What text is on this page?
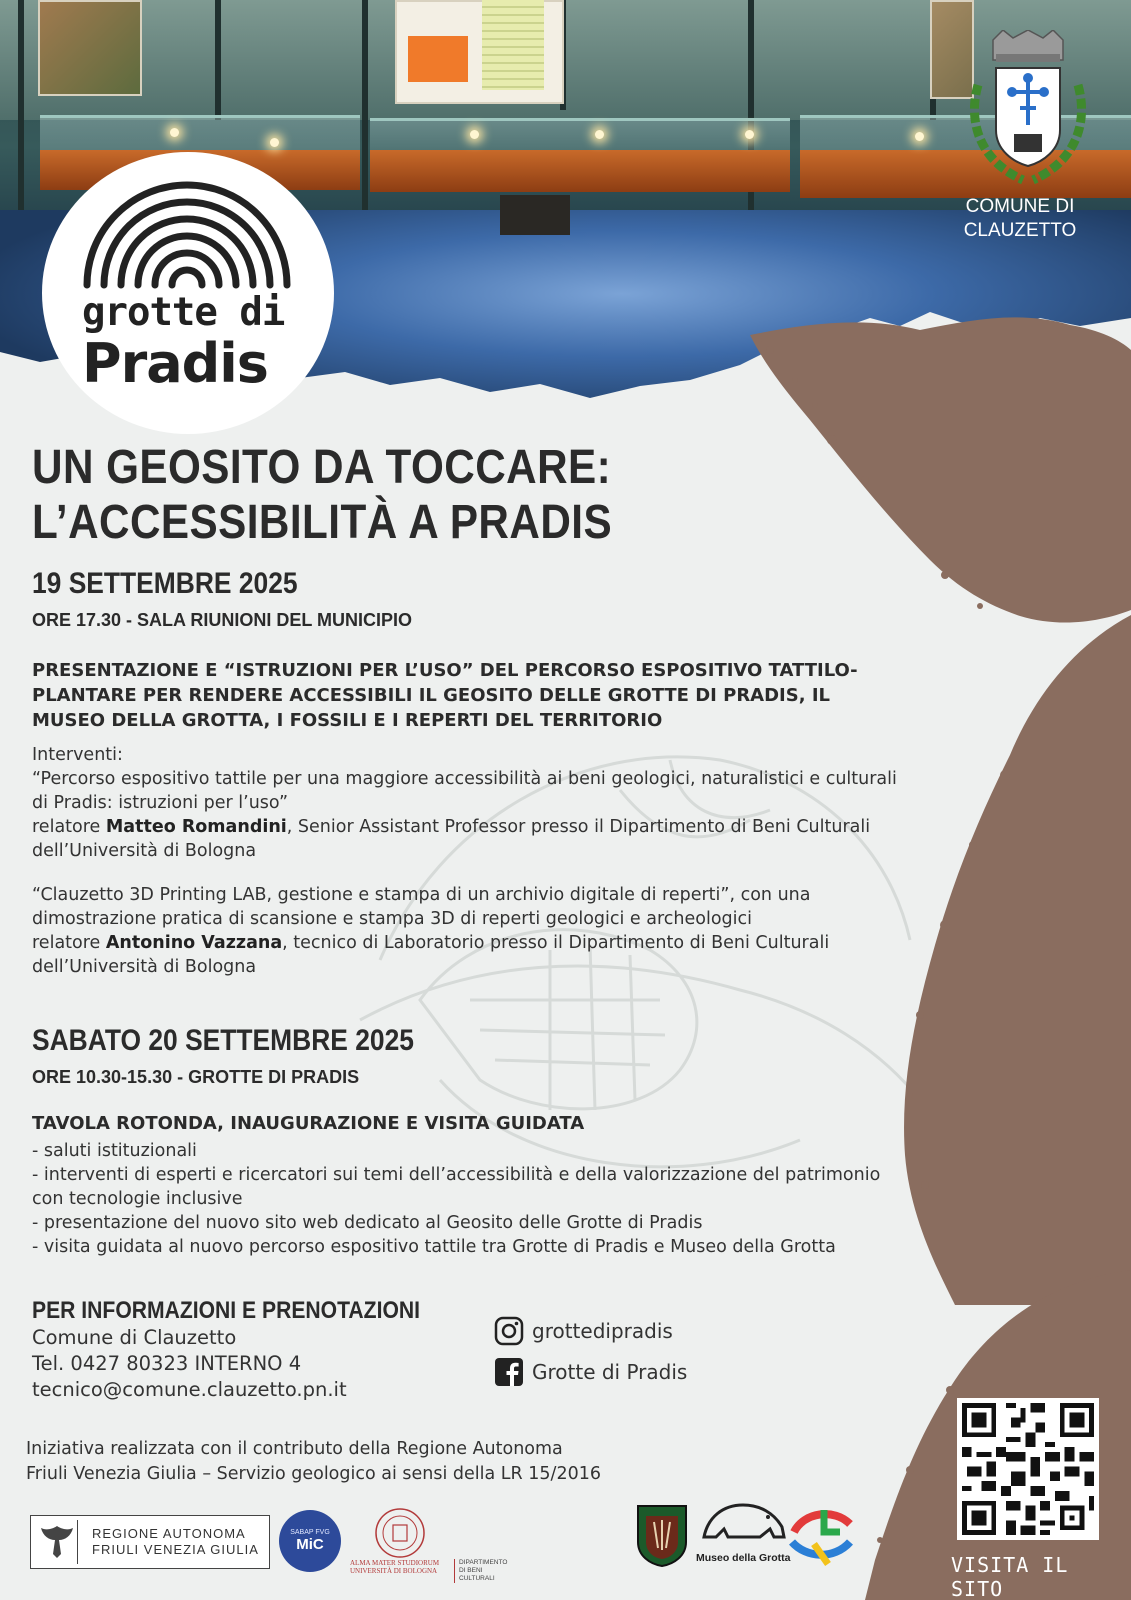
grotte di
Pradis
COMUNE DI
CLAUZETTO
UN GEOSITO DA TOCCARE:
L’ACCESSIBILITÀ A PRADIS
19 SETTEMBRE 2025
ORE 17.30 - SALA RIUNIONI DEL MUNICIPIO
PRESENTAZIONE E “ISTRUZIONI PER L’USO” DEL PERCORSO ESPOSITIVO TATTILO-PLANTARE PER RENDERE ACCESSIBILI IL GEOSITO DELLE GROTTE DI PRADIS, IL MUSEO DELLA GROTTA, I FOSSILI E I REPERTI DEL TERRITORIO
Interventi:
“Percorso espositivo tattile per una maggiore accessibilità ai beni geologici, naturalistici e culturali di Pradis: istruzioni per l’uso”
relatore Matteo Romandini, Senior Assistant Professor presso il Dipartimento di Beni Culturali dell’Università di Bologna
“Clauzetto 3D Printing LAB, gestione e stampa di un archivio digitale di reperti”, con una dimostrazione pratica di scansione e stampa 3D di reperti geologici e archeologici
relatore Antonino Vazzana, tecnico di Laboratorio presso il Dipartimento di Beni Culturali dell’Università di Bologna
SABATO 20 SETTEMBRE 2025
ORE 10.30-15.30 - GROTTE DI PRADIS
TAVOLA ROTONDA, INAUGURAZIONE E VISITA GUIDATA
- saluti istituzionali
- interventi di esperti e ricercatori sui temi dell’accessibilità e della valorizzazione del patrimonio con tecnologie inclusive
- presentazione del nuovo sito web dedicato al Geosito delle Grotte di Pradis
- visita guidata al nuovo percorso espositivo tattile tra Grotte di Pradis e Museo della Grotta
PER INFORMAZIONI E PRENOTAZIONI
Comune di Clauzetto
Tel. 0427 80323 INTERNO 4
tecnico@comune.clauzetto.pn.it
grottedipradis
Grotte di Pradis
Iniziativa realizzata con il contributo della Regione Autonoma
Friuli Venezia Giulia – Servizio geologico ai sensi della LR 15/2016
REGIONE AUTONOMA
FRIULI VENEZIA GIULIA
SABAP FVG
MiC
ALMA MATER STUDIORUM
UNIVERSITÀ DI BOLOGNA
DIPARTIMENTO
DI BENI CULTURALI
Museo della Grotta	VISITA IL SITO
